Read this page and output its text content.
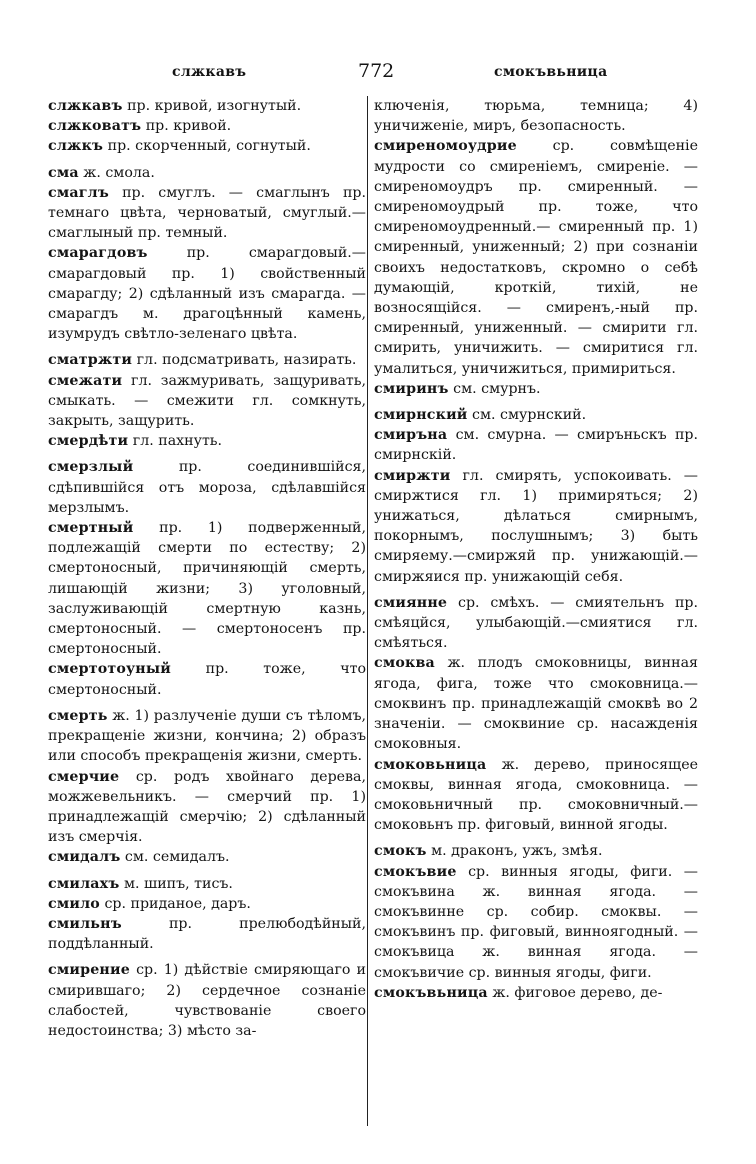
слжкавъ	772	смокъвьница
слжкавъ пр. кривой, изогнутый.
слжковатъ пр. кривой.
слжкъ пр. скорченный, согнутый.
сма ж. смола.
смаглъ пр. смуглъ. — смаглынъ пр. темнаго цвѣта, черноватый, смуглый.—смаглыный пр. темный.
смарагдовъ пр. смарагдовый.—смарагдовый пр. 1) свойственный смарагду; 2) сдѣланный изъ смарагда. —смарагдъ м. драгоцѣнный камень, изумрудъ свѣтло-зеленаго цвѣта.
сматржти гл. подсматривать, назирать.
смежати гл. зажмуривать, защуривать, смыкать. — смежити гл. сомкнуть, закрыть, защурить.
смердѣти гл. пахнуть.
смерзлый пр. соединившійся, сдѣпившійся отъ мороза, сдѣлавшійся мерзлымъ.
смертный пр. 1) подверженный, подлежащій смерти по естеству; 2) смертоносный, причиняющій смерть, лишающій жизни; 3) уголовный, заслуживающій смертную казнь, смертоносный. — смертоносенъ пр. смертоносный.
смертотоуный пр. тоже, что смертоносный.
смерть ж. 1) разлученіе души съ тѣломъ, прекращеніе жизни, кончина; 2) образъ или способъ прекращенія жизни, смерть.
смерчие ср. родъ хвойнаго дерева, можжевельникъ. — смерчий пр. 1) принадлежащій смерчію; 2) сдѣланный изъ смерчія.
смидалъ см. семидалъ.
смилахъ м. шипъ, тисъ.
смило ср. приданое, даръ.
смильнъ пр. прелюбодѣйный, поддѣланный.
смирение ср. 1) дѣйствіе смиряющаго и смирившаго; 2) сердечное сознаніе слабостей, чувствованіе своего недостоинства; 3) мѣсто за-
ключенія, тюрьма, темница; 4) уничиженіе, миръ, безопасность.
смиреномоудрие ср. совмѣщеніе мудрости со смиреніемъ, смиреніе. — смиреномоудръ пр. смиренный. — смиреномоудрый пр. тоже, что смиреномоудренный.— смиренный пр. 1) смиренный, униженный; 2) при сознаніи своихъ недостатковъ, скромно о себѣ думающій, кроткій, тихій, не возносящійся. — смиренъ,-ный пр. смиренный, униженный. — смирити гл. смирить, уничижить. — смиритися гл. умалиться, уничижиться, примириться.
смиринъ см. смурнъ.
смирнский см. смурнский.
смиръна см. смурна. — смиръньскъ пр. смирнскій.
смиржти гл. смирять, успокоивать. — смиржтися гл. 1) примиряться; 2) унижаться, дѣлаться смирнымъ, покорнымъ, послушнымъ; 3) быть смиряему.—смиржяй пр. унижающій.—смиржяися пр. унижающій себя.
смиянне ср. смѣхъ. — смиятельнъ пр. смѣяцйся, улыбающій.—смиятися гл. смѣяться.
смоква ж. плодъ смоковницы, винная ягода, фига, тоже что смоковница.—смоквинъ пр. принадлежащій смоквѣ во 2 значеніи. — смоквиние ср. насажденія смоковныя.
смоковьница ж. дерево, приносящее смоквы, винная ягода, смоковница. —смоковьничный пр. смоковничный.—смоковьнъ пр. фиговый, винной ягоды.
смокъ м. драконъ, ужъ, змѣя.
смокъвие ср. винныя ягоды, фиги. — смокъвина ж. винная ягода. — смокъвинне ср. собир. смоквы. — смокъвинъ пр. фиговый, винноягодный. — смокъвица ж. винная ягода. — смокъвичие ср. винныя ягоды, фиги.
смокъвьница ж. фиговое дерево, де-
